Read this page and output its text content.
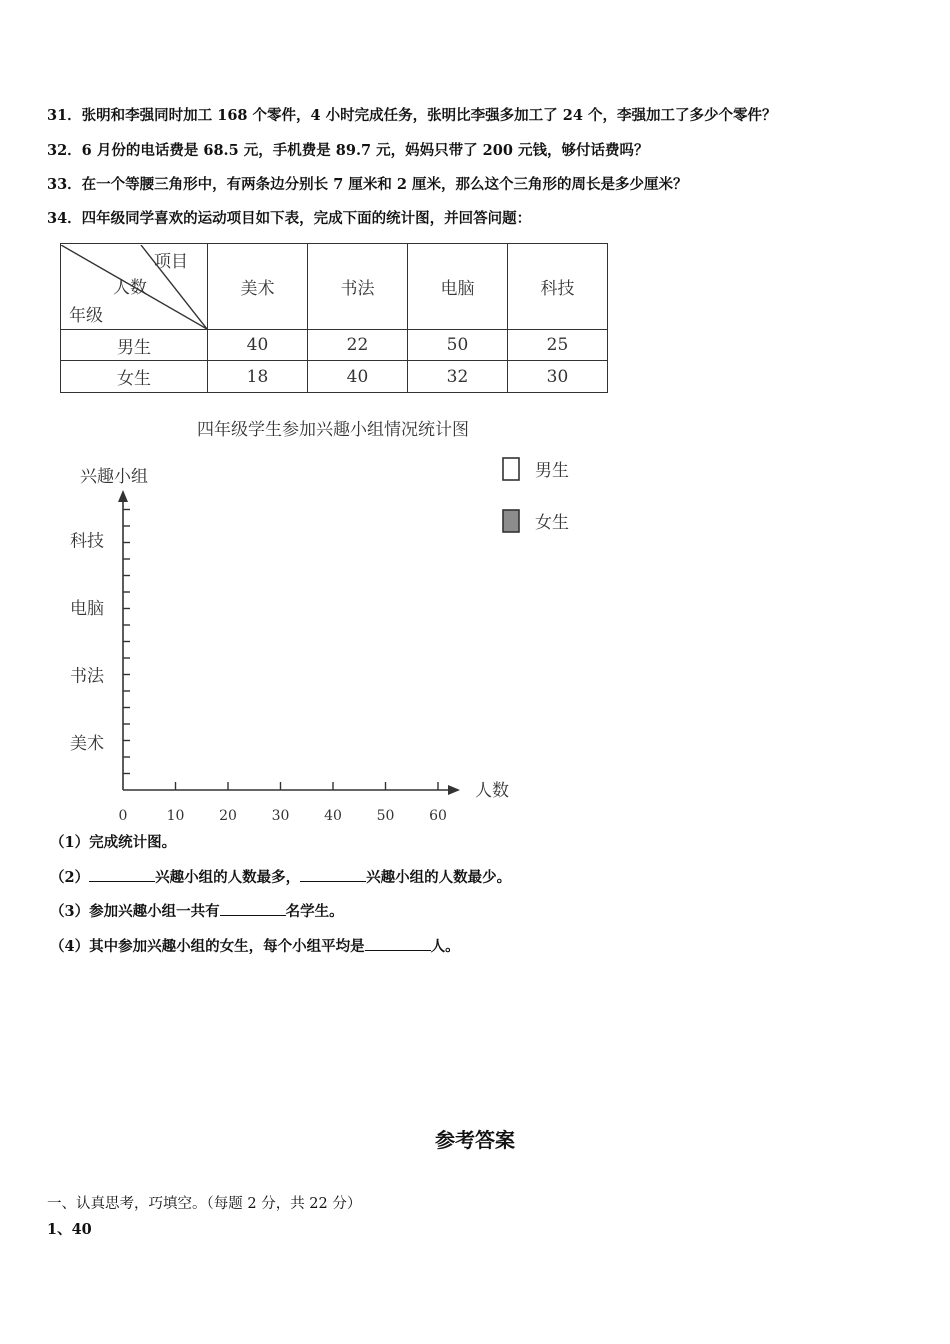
31．张明和李强同时加工 168 个零件，4 小时完成任务，张明比李强多加工了 24 个，李强加工了多少个零件？
32．6 月份的电话费是 68.5 元，手机费是 89.7 元，妈妈只带了 200 元钱，够付话费吗？
33．在一个等腰三角形中，有两条边分别长 7 厘米和 2 厘米，那么这个三角形的周长是多少厘米？
34．四年级同学喜欢的运动项目如下表，完成下面的统计图，并回答问题：
项目
人数
年级	美术	书法	电脑	科技
男生	40	22	50	25
女生	18	40	32	30
四年级学生参加兴趣小组情况统计图
兴趣小组
人数
0	10 20 30 40 50 60
美术
书法
电脑
科技
男生
女生
（1）完成统计图。
（2）	兴趣小组的人数最多，	兴趣小组的人数最少。
（3）参加兴趣小组一共有	名学生。
（4）其中参加兴趣小组的女生，每个小组平均是	人。
参考答案
一、认真思考，巧填空。（每题 2 分，共 22 分）
1、40
